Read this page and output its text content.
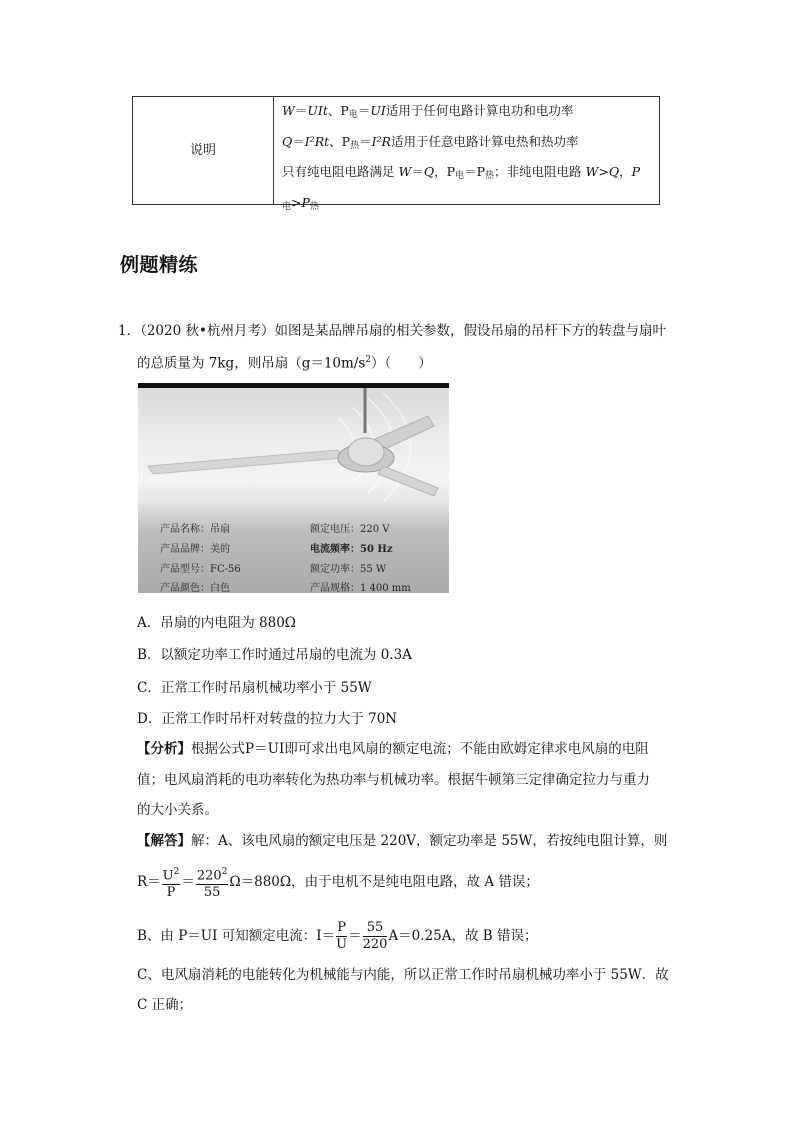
说明
W＝UIt、$P_电=UI$适用于任何电路计算电功和电功率
Q＝I²Rt、$P_热=I^2R$适用于任意电路计算电热和热功率
只有纯电阻电路满足 W＝Q，$P_电=P_热$；非纯电阻电路 W>Q，P
$_电>P_热$
例题精练
1．（2020 秋•杭州月考）如图是某品牌吊扇的相关参数，假设吊扇的吊杆下方的转盘与扇叶
的总质量为 7kg，则吊扇$(g=10m/s^2)$（　　）
产品名称：吊扇
产品品牌：美的
产品型号：FC-56
产品颜色：白色
额定电压：220 V
电流频率：50 Hz
额定功率：55 W
产品规格：1 400 mm
A．吊扇的内电阻为 880Ω
B．以额定功率工作时通过吊扇的电流为 0.3A
C．正常工作时吊扇机械功率小于 55W
D．正常工作时吊杆对转盘的拉力大于 70N
【分析】根据公式P＝UI即可求出电风扇的额定电流；不能由欧姆定律求电风扇的电阻
值；电风扇消耗的电功率转化为热功率与机械功率。根据牛顿第三定律确定拉力与重力
的大小关系。
【解答】解：A、该电风扇的额定电压是 220V，额定功率是 55W，若按纯电阻计算，则
$R= \frac{U^2}{P} = \frac{220^2}{55} \Omega=880\Omega$，由于电机不是纯电阻电路，故 A 错误；
B、由 P＝UI 可知额定电流：$I= \frac{P}{U} = \frac{55}{220} A=0.25A$，故 B 错误；
C、电风扇消耗的电能转化为机械能与内能，所以正常工作时吊扇机械功率小于 55W．故
C 正确；
